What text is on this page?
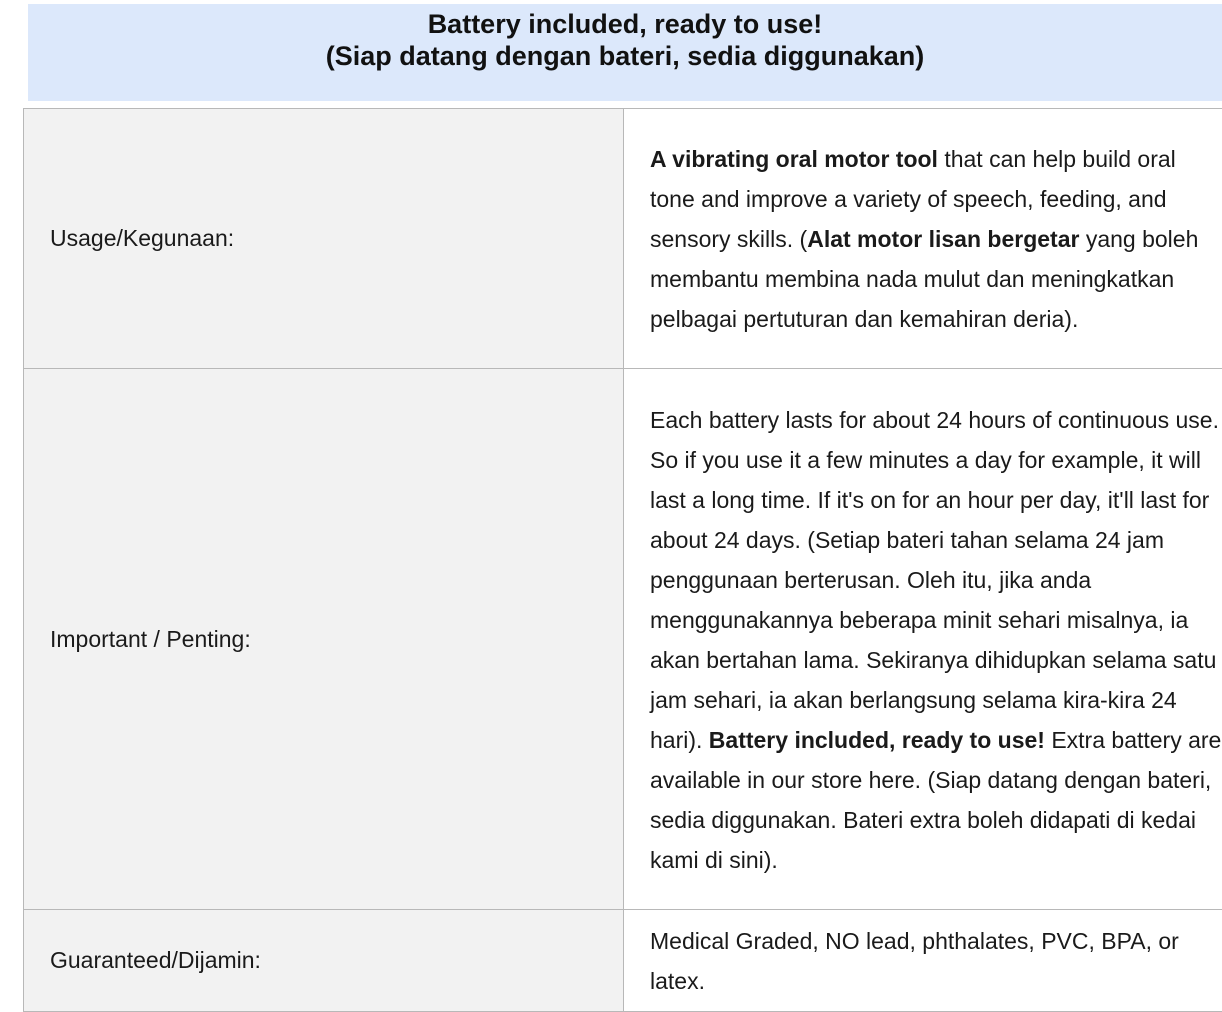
Battery included, ready to use!
(Siap datang dengan bateri, sedia diggunakan)
Usage/Kegunaan:	A vibrating oral motor tool that can help build oral tone and improve a variety of speech, feeding, and sensory skills. (Alat motor lisan bergetar yang boleh membantu membina nada mulut dan meningkatkan pelbagai pertuturan dan kemahiran deria).
Important / Penting:	Each battery lasts for about 24 hours of continuous use. So if you use it a few minutes a day for example, it will last a long time. If it's on for an hour per day, it'll last for about 24 days. (Setiap bateri tahan selama 24 jam penggunaan berterusan. Oleh itu, jika anda menggunakannya beberapa minit sehari misalnya, ia akan bertahan lama. Sekiranya dihidupkan selama satu jam sehari, ia akan berlangsung selama kira-kira 24 hari). Battery included, ready to use! Extra battery are available in our store here. (Siap datang dengan bateri, sedia diggunakan. Bateri extra boleh didapati di kedai kami di sini).
Guaranteed/Dijamin:	Medical Graded, NO lead, phthalates, PVC, BPA, or latex.
